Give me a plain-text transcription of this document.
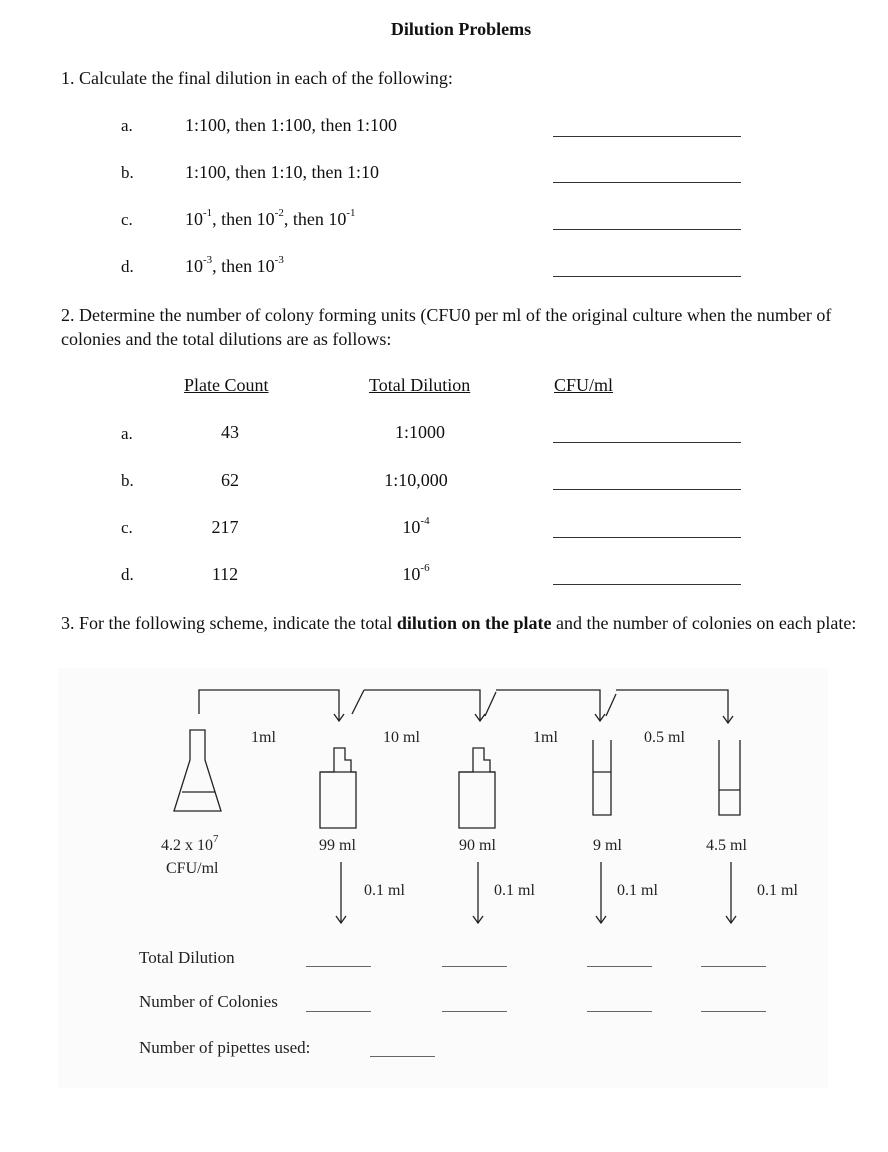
Dilution Problems
1. Calculate the final dilution in each of the following:
a.	1:100, then 1:100, then 1:100
b.	1:100, then 1:10, then 1:10
c.	$10^{-1}$, then $10^{-2}$, then $10^{-1}$
d.	$10^{-3}$, then $10^{-3}$
2. Determine the number of colony forming units (CFU0 per ml of the original culture when the number of colonies and the total dilutions are as follows:
Plate Count	Total Dilution	CFU/ml
a.	43	1:1000
b.	62	1:10,000
c.	217	$10^{-4}$
d.	112	$10^{-6}$
3. For the following scheme, indicate the total dilution on the plate and the number of colonies on each plate:
1ml	10 ml	1ml	0.5 ml
4.2 x $10^7$
CFU/ml
99 ml	90 ml	9 ml	4.5 ml
0.1 ml	0.1 ml	0.1 ml	0.1 ml
Total Dilution
Number of Colonies
Number of pipettes used:
